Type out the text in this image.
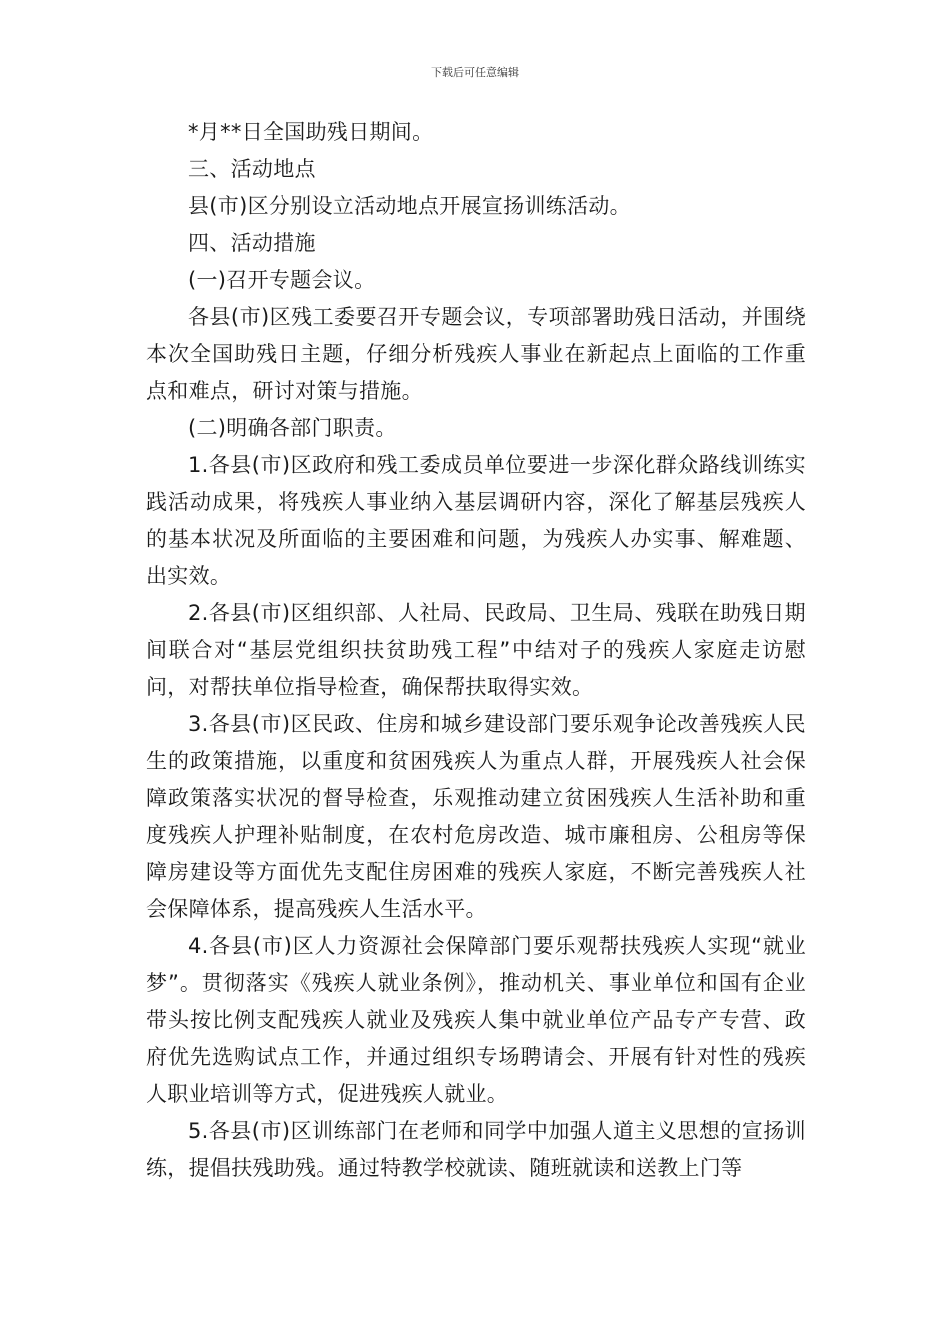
下载后可任意编辑

*月**日全国助残日期间。

三、活动地点

县(市)区分别设立活动地点开展宣扬训练活动。

四、活动措施

(一)召开专题会议。

各县(市)区残工委要召开专题会议，专项部署助残日活动，并围绕本次全国助残日主题，仔细分析残疾人事业在新起点上面临的工作重点和难点，研讨对策与措施。

(二)明确各部门职责。

1.各县(市)区政府和残工委成员单位要进一步深化群众路线训练实践活动成果，将残疾人事业纳入基层调研内容，深化了解基层残疾人的基本状况及所面临的主要困难和问题，为残疾人办实事、解难题、出实效。

2.各县(市)区组织部、人社局、民政局、卫生局、残联在助残日期间联合对“基层党组织扶贫助残工程”中结对子的残疾人家庭走访慰问，对帮扶单位指导检查，确保帮扶取得实效。

3.各县(市)区民政、住房和城乡建设部门要乐观争论改善残疾人民生的政策措施，以重度和贫困残疾人为重点人群，开展残疾人社会保障政策落实状况的督导检查，乐观推动建立贫困残疾人生活补助和重度残疾人护理补贴制度，在农村危房改造、城市廉租房、公租房等保障房建设等方面优先支配住房困难的残疾人家庭，不断完善残疾人社会保障体系，提高残疾人生活水平。

4.各县(市)区人力资源社会保障部门要乐观帮扶残疾人实现“就业梦”。贯彻落实《残疾人就业条例》，推动机关、事业单位和国有企业带头按比例支配残疾人就业及残疾人集中就业单位产品专产专营、政府优先选购试点工作，并通过组织专场聘请会、开展有针对性的残疾人职业培训等方式，促进残疾人就业。

5.各县(市)区训练部门在老师和同学中加强人道主义思想的宣扬训练，提倡扶残助残。通过特教学校就读、随班就读和送教上门等
